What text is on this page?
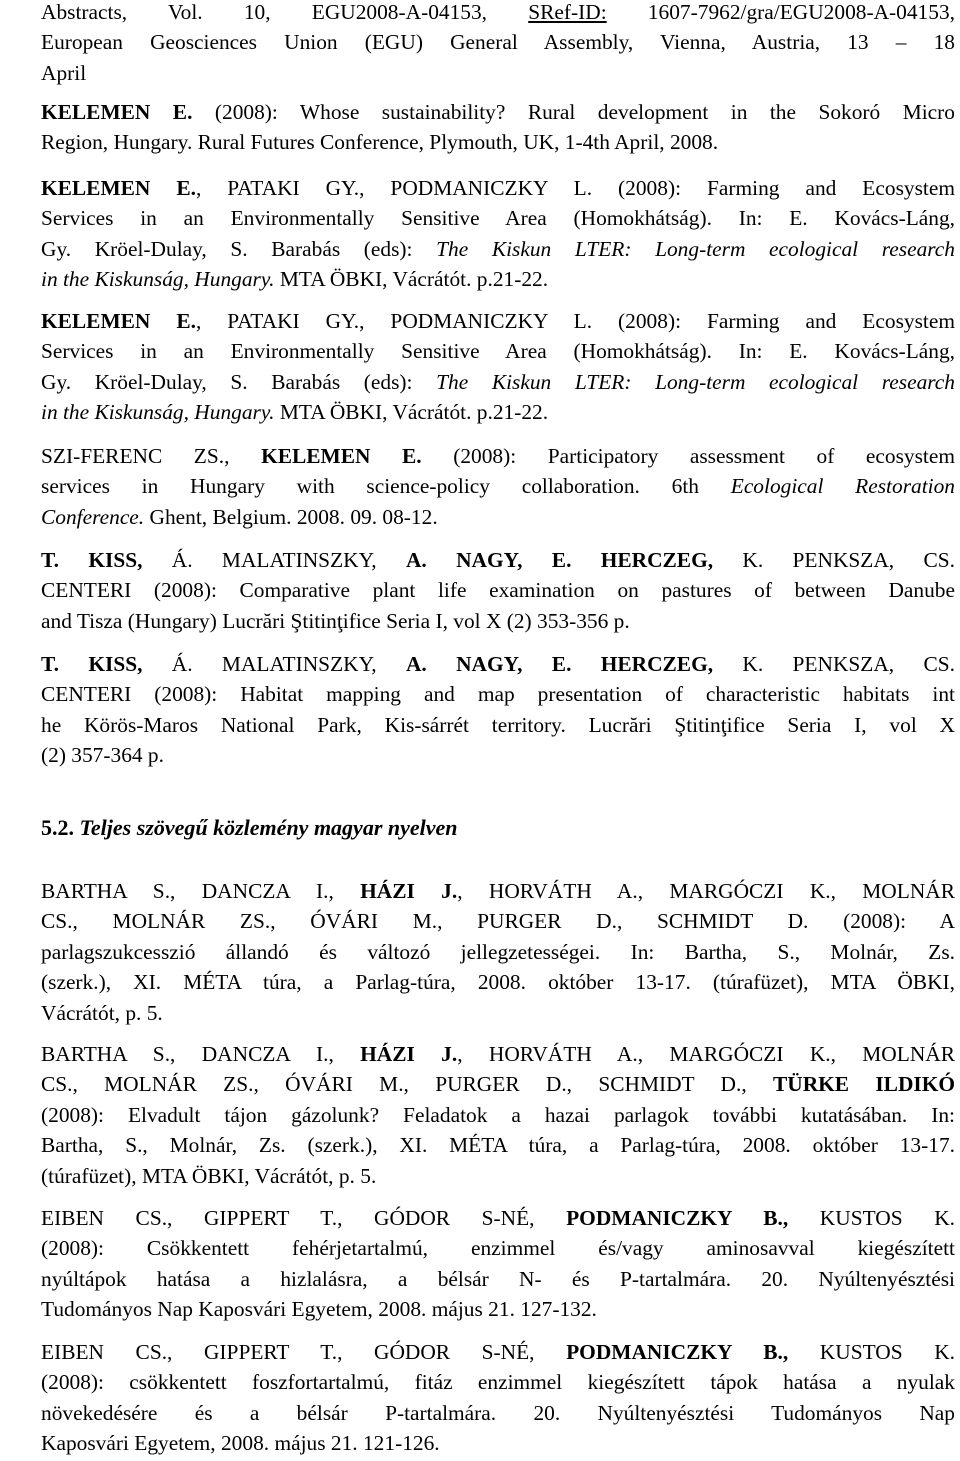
Abstracts, Vol. 10, EGU2008-A-04153, SRef-ID: 1607-7962/gra/EGU2008-A-04153,
European Geosciences Union (EGU) General Assembly, Vienna, Austria, 13 – 18
April

KELEMEN E. (2008): Whose sustainability? Rural development in the Sokoró Micro
Region, Hungary. Rural Futures Conference, Plymouth, UK, 1-4th April, 2008.

KELEMEN E., PATAKI GY., PODMANICZKY L. (2008): Farming and Ecosystem
Services in an Environmentally Sensitive Area (Homokhátság). In: E. Kovács-Láng,
Gy. Kröel-Dulay, S. Barabás (eds): The Kiskun LTER: Long-term ecological research
in the Kiskunság, Hungary. MTA ÖBKI, Vácrátót. p.21-22.

KELEMEN E., PATAKI GY., PODMANICZKY L. (2008): Farming and Ecosystem
Services in an Environmentally Sensitive Area (Homokhátság). In: E. Kovács-Láng,
Gy. Kröel-Dulay, S. Barabás (eds): The Kiskun LTER: Long-term ecological research
in the Kiskunság, Hungary. MTA ÖBKI, Vácrátót. p.21-22.

SZI-FERENC ZS., KELEMEN E. (2008): Participatory assessment of ecosystem
services in Hungary with science-policy collaboration. 6th Ecological Restoration
Conference. Ghent, Belgium. 2008. 09. 08-12.

T. KISS, Á. MALATINSZKY, A. NAGY, E. HERCZEG, K. PENKSZA, CS.
CENTERI (2008): Comparative plant life examination on pastures of between Danube
and Tisza (Hungary) Lucrări Ştitinţifice Seria I, vol X (2) 353-356 p.

T. KISS, Á. MALATINSZKY, A. NAGY, E. HERCZEG, K. PENKSZA, CS.
CENTERI (2008): Habitat mapping and map presentation of characteristic habitats int
he Körös-Maros National Park, Kis-sárrét territory. Lucrări Ştitinţifice Seria I, vol X
(2) 357-364 p.

5.2. Teljes szövegű közlemény magyar nyelven

BARTHA S., DANCZA I., HÁZI J., HORVÁTH A., MARGÓCZI K., MOLNÁR
CS., MOLNÁR ZS., ÓVÁRI M., PURGER D., SCHMIDT D. (2008): A
parlagszukcesszió állandó és változó jellegzetességei. In: Bartha, S., Molnár, Zs.
(szerk.), XI. MÉTA túra, a Parlag-túra, 2008. október 13-17. (túrafüzet), MTA ÖBKI,
Vácrátót, p. 5.

BARTHA S., DANCZA I., HÁZI J., HORVÁTH A., MARGÓCZI K., MOLNÁR
CS., MOLNÁR ZS., ÓVÁRI M., PURGER D., SCHMIDT D., TÜRKE ILDIKÓ
(2008): Elvadult tájon gázolunk? Feladatok a hazai parlagok további kutatásában. In:
Bartha, S., Molnár, Zs. (szerk.), XI. MÉTA túra, a Parlag-túra, 2008. október 13-17.
(túrafüzet), MTA ÖBKI, Vácrátót, p. 5.

EIBEN CS., GIPPERT T., GÓDOR S-NÉ, PODMANICZKY B., KUSTOS K.
(2008): Csökkentett fehérjetartalmú, enzimmel és/vagy aminosavval kiegészített
nyúltápok hatása a hizlalásra, a bélsár N- és P-tartalmára. 20. Nyúltenyésztési
Tudományos Nap Kaposvári Egyetem, 2008. május 21. 127-132.

EIBEN CS., GIPPERT T., GÓDOR S-NÉ, PODMANICZKY B., KUSTOS K.
(2008): csökkentett foszfortartalmú, fitáz enzimmel kiegészített tápok hatása a nyulak
növekedésére és a bélsár P-tartalmára. 20. Nyúltenyésztési Tudományos Nap
Kaposvári Egyetem, 2008. május 21. 121-126.
